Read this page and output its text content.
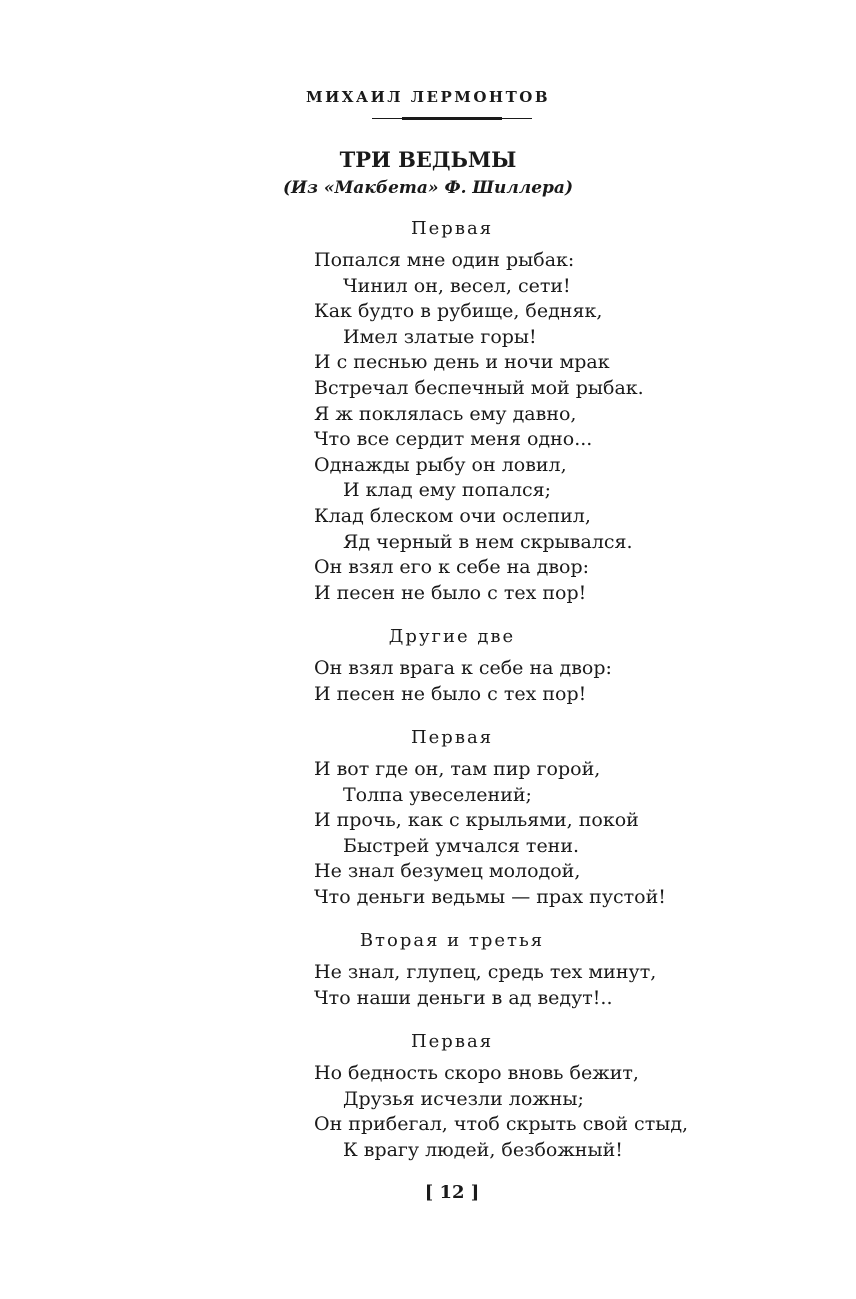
МИХАИЛ ЛЕРМОНТОВ
ТРИ ВЕДЬМЫ
(Из «Макбета» Ф. Шиллера)
Первая
Попался мне один рыбак:
Чинил он, весел, сети!
Как будто в рубище, бедняк,
Имел златые горы!
И с песнью день и ночи мрак
Встречал беспечный мой рыбак.
Я ж поклялась ему давно,
Что все сердит меня одно...
Однажды рыбу он ловил,
И клад ему попался;
Клад блеском очи ослепил,
Яд черный в нем скрывался.
Он взял его к себе на двор:
И песен не было с тех пор!
Другие две
Он взял врага к себе на двор:
И песен не было с тех пор!
Первая
И вот где он, там пир горой,
Толпа увеселений;
И прочь, как с крыльями, покой
Быстрей умчался тени.
Не знал безумец молодой,
Что деньги ведьмы — прах пустой!
Вторая и третья
Не знал, глупец, средь тех минут,
Что наши деньги в ад ведут!..
Первая
Но бедность скоро вновь бежит,
Друзья исчезли ложны;
Он прибегал, чтоб скрыть свой стыд,
К врагу людей, безбожный!
[ 12 ]
